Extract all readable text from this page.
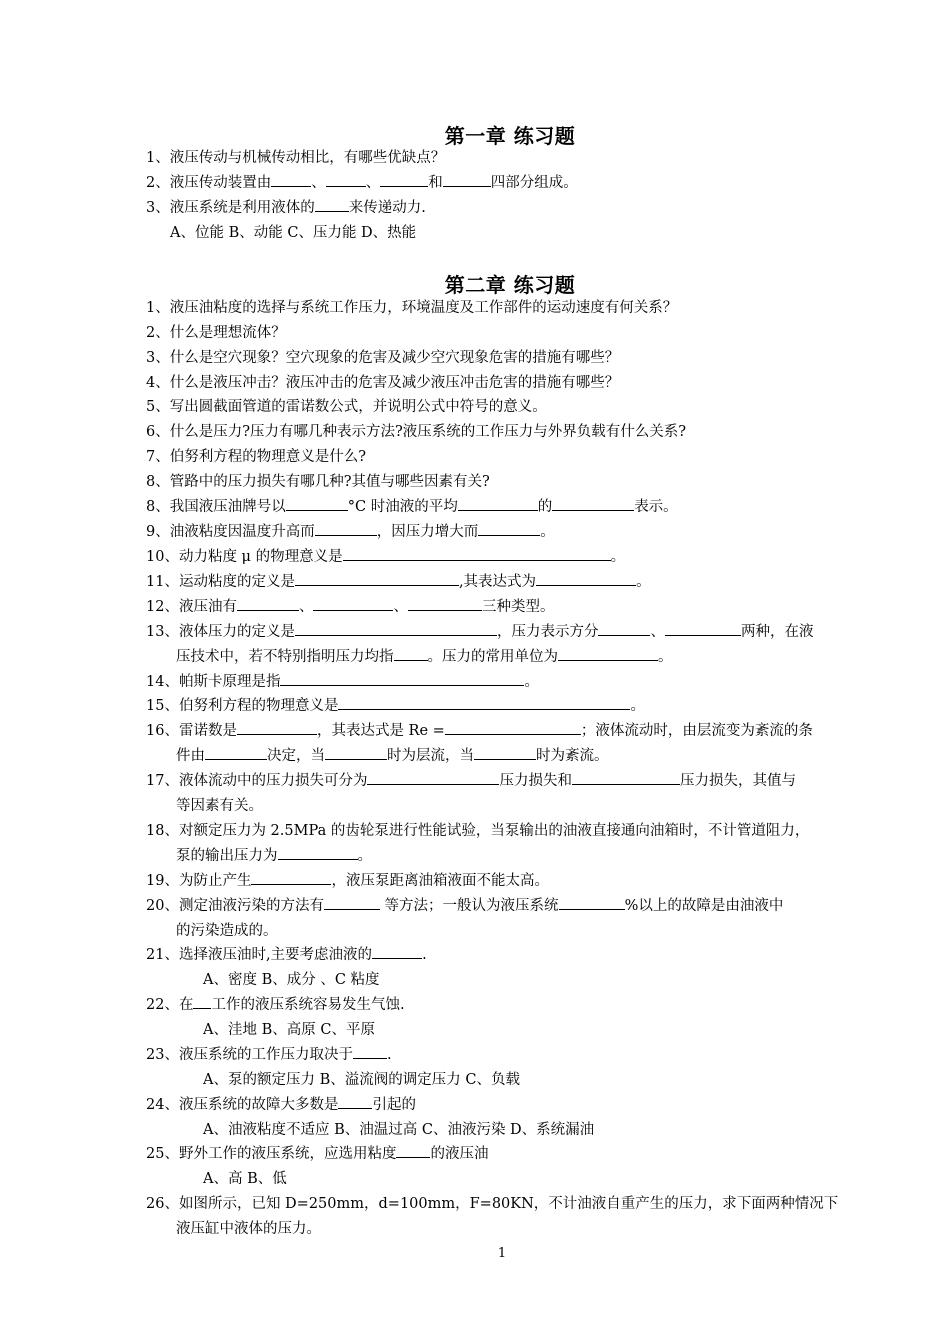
第一章 练习题
1、液压传动与机械传动相比，有哪些优缺点？
2、液压传动装置由	、	、	和	四部分组成。
3、液压系统是利用液体的 来传递动力.
A、位能 B、动能 C、压力能 D、热能
第二章 练习题
1、液压油粘度的选择与系统工作压力，环境温度及工作部件的运动速度有何关系？
2、什么是理想流体？
3、什么是空穴现象？空穴现象的危害及减少空穴现象危害的措施有哪些？
4、什么是液压冲击？液压冲击的危害及减少液压冲击危害的措施有哪些？
5、写出圆截面管道的雷诺数公式，并说明公式中符号的意义。
6、什么是压力?压力有哪几种表示方法?液压系统的工作压力与外界负载有什么关系?
7、伯努利方程的物理意义是什么?
8、管路中的压力损失有哪几种?其值与哪些因素有关?
8、我国液压油牌号以	°C 时油液的平均	的	表示。
9、油液粘度因温度升高而	，因压力增大而	。
10、动力粘度 μ 的物理意义是	。
11、运动粘度的定义是	,其表达式为	。
12、液压油有	、	、	三种类型。
13、液体压力的定义是	，压力表示方分	、	两种，在液
压技术中，若不特别指明压力均指 。压力的常用单位为	。
14、帕斯卡原理是指	。
15、伯努利方程的物理意义是	。
16、雷诺数是	，其表达式是 Re =	；液体流动时，由层流变为紊流的条
件由	决定，当	时为层流，当	时为紊流。
17、液体流动中的压力损失可分为	压力损失和	压力损失，其值与
等因素有关。
18、对额定压力为 2.5MPa 的齿轮泵进行性能试验，当泵输出的油液直接通向油箱时，不计管道阻力，
泵的输出压力为	。
19、为防止产生	，液压泵距离油箱液面不能太高。
20、测定油液污染的方法有	等方法；一般认为液压系统	%以上的故障是由油液中
的污染造成的。
21、选择液压油时,主要考虑油液的	.
A、密度 B、成分 、C 粘度
22、在 工作的液压系统容易发生气蚀.
A、洼地 B、高原 C、平原
23、液压系统的工作压力取决于 .
A、泵的额定压力 B、溢流阀的调定压力 C、负载
24、液压系统的故障大多数是 引起的
A、油液粘度不适应 B、油温过高 C、油液污染 D、系统漏油
25、野外工作的液压系统，应选用粘度 的液压油
A、高 B、低
26、如图所示，已知 D=250mm，d=100mm，F=80KN，不计油液自重产生的压力，求下面两种情况下
液压缸中液体的压力。
1
